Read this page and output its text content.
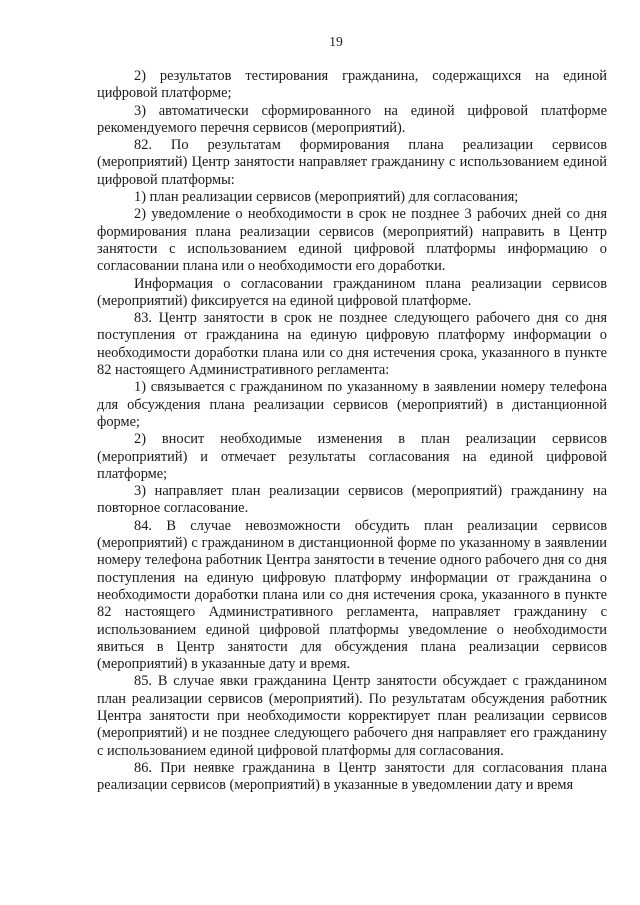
19

2) результатов тестирования гражданина, содержащихся на единой цифровой платформе;

3) автоматически сформированного на единой цифровой платформе рекомендуемого перечня сервисов (мероприятий).

82. По результатам формирования плана реализации сервисов (мероприятий) Центр занятости направляет гражданину с использованием единой цифровой платформы:

1) план реализации сервисов (мероприятий) для согласования;

2) уведомление о необходимости в срок не позднее 3 рабочих дней со дня формирования плана реализации сервисов (мероприятий) направить в Центр занятости с использованием единой цифровой платформы информацию о согласовании плана или о необходимости его доработки.

Информация о согласовании гражданином плана реализации сервисов (мероприятий) фиксируется на единой цифровой платформе.

83. Центр занятости в срок не позднее следующего рабочего дня со дня поступления от гражданина на единую цифровую платформу информации о необходимости доработки плана или со дня истечения срока, указанного в пункте 82 настоящего Административного регламента:

1) связывается с гражданином по указанному в заявлении номеру телефона для обсуждения плана реализации сервисов (мероприятий) в дистанционной форме;

2) вносит необходимые изменения в план реализации сервисов (мероприятий) и отмечает результаты согласования на единой цифровой платформе;

3) направляет план реализации сервисов (мероприятий) гражданину на повторное согласование.

84. В случае невозможности обсудить план реализации сервисов (мероприятий) с гражданином в дистанционной форме по указанному в заявлении номеру телефона работник Центра занятости в течение одного рабочего дня со дня поступления на единую цифровую платформу информации от гражданина о необходимости доработки плана или со дня истечения срока, указанного в пункте 82 настоящего Административного регламента, направляет гражданину с использованием единой цифровой платформы уведомление о необходимости явиться в Центр занятости для обсуждения плана реализации сервисов (мероприятий) в указанные дату и время.

85. В случае явки гражданина Центр занятости обсуждает с гражданином план реализации сервисов (мероприятий). По результатам обсуждения работник Центра занятости при необходимости корректирует план реализации сервисов (мероприятий) и не позднее следующего рабочего дня направляет его гражданину с использованием единой цифровой платформы для согласования.

86. При неявке гражданина в Центр занятости для согласования плана реализации сервисов (мероприятий) в указанные в уведомлении дату и время
